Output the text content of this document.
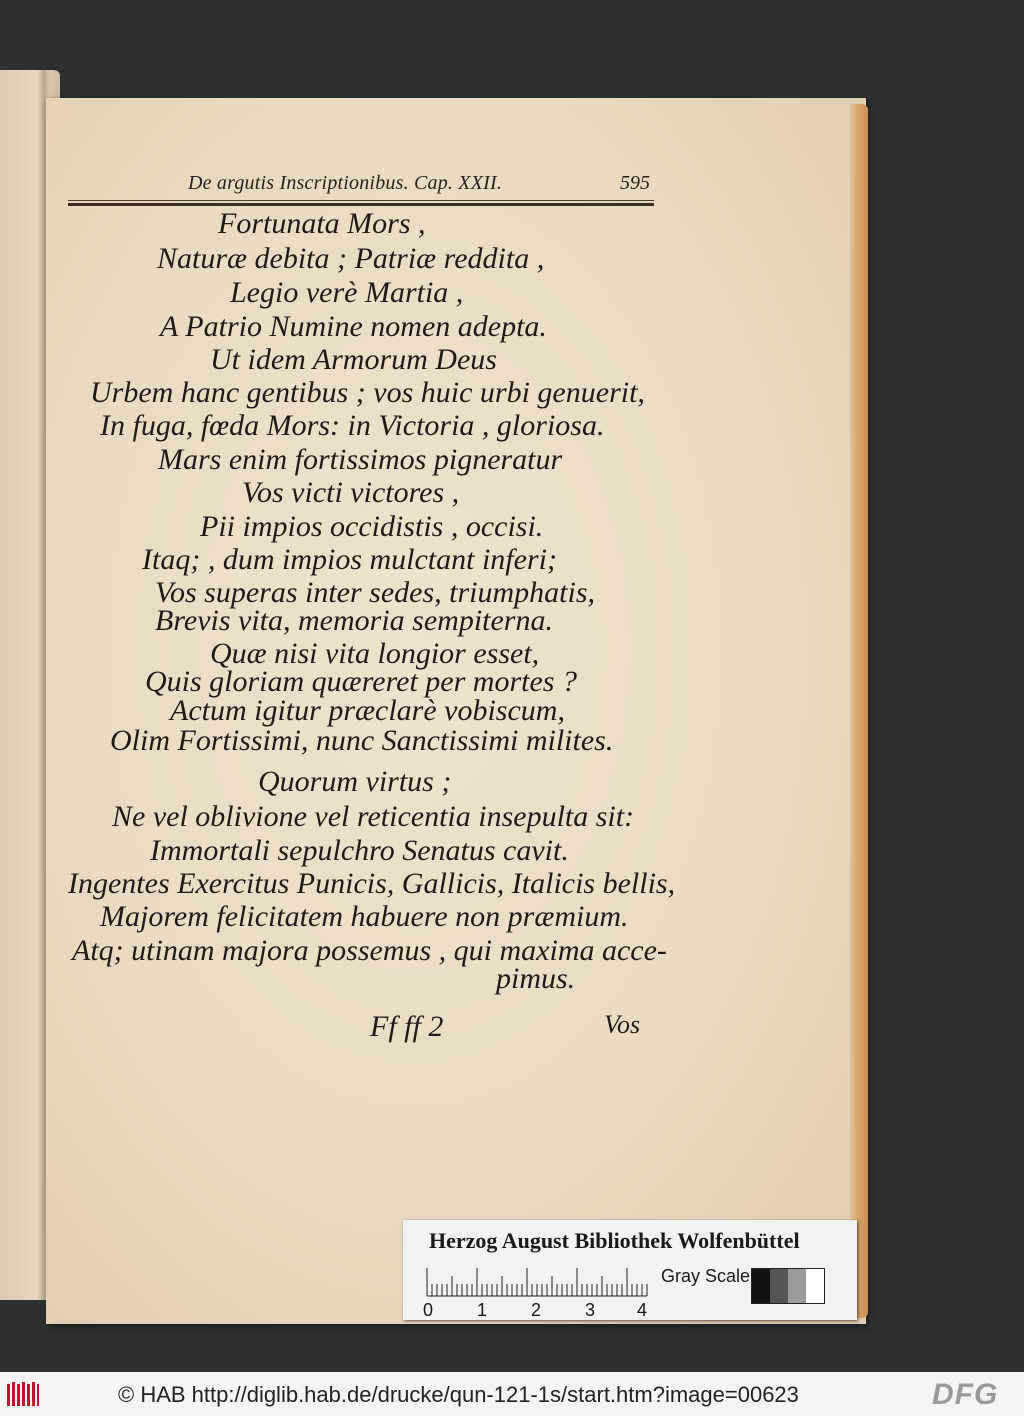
De argutis Inscriptionibus. Cap. XXII.	595
Fortunata Mors ,
Naturæ debita ; Patriæ reddita ,
Legio verè Martia ,
A Patrio Numine nomen adepta.
Ut idem Armorum Deus
Urbem hanc gentibus ; vos huic urbi genuerit,
In fuga, fœda Mors: in Victoria , gloriosa.
Mars enim fortissimos pigneratur
Vos victi victores ,
Pii impios occidistis , occisi.
Itaq; , dum impios mulctant inferi;
Vos superas inter sedes, triumphatis,
Brevis vita, memoria sempiterna.
Quæ nisi vita longior esset,
Quis gloriam quæreret per mortes ?
Actum igitur præclarè vobiscum,
Olim Fortissimi, nunc Sanctissimi milites.
Quorum virtus ;
Ne vel oblivione vel reticentia insepulta sit:
Immortali sepulchro Senatus cavit.
Ingentes Exercitus Punicis, Gallicis, Italicis bellis,
Majorem felicitatem habuere non præmium.
Atq; utinam majora possemus , qui maxima acce-
pimus.
Ff ff 2	Vos
Herzog August Bibliothek Wolfenbüttel
Gray Scale
0 1 2 3 4
© HAB http://diglib.hab.de/drucke/qun-121-1s/start.htm?image=00623	DFG
